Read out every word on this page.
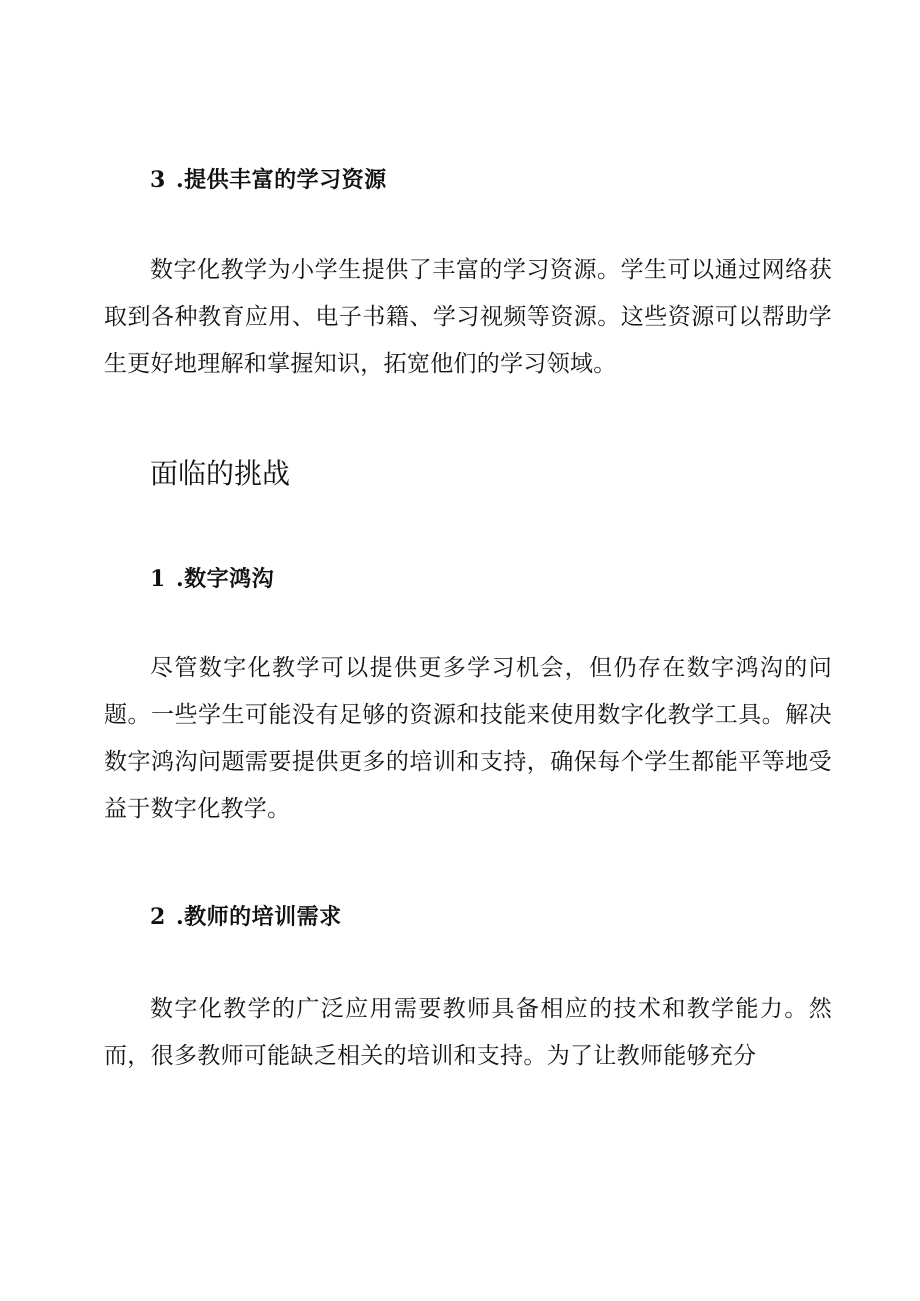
3 .提供丰富的学习资源
数字化教学为小学生提供了丰富的学习资源。学生可以通过网络获取到各种教育应用、电子书籍、学习视频等资源。这些资源可以帮助学生更好地理解和掌握知识，拓宽他们的学习领域。
面临的挑战
1 .数字鸿沟
尽管数字化教学可以提供更多学习机会，但仍存在数字鸿沟的问题。一些学生可能没有足够的资源和技能来使用数字化教学工具。解决数字鸿沟问题需要提供更多的培训和支持，确保每个学生都能平等地受益于数字化教学。
2 .教师的培训需求
数字化教学的广泛应用需要教师具备相应的技术和教学能力。然而，很多教师可能缺乏相关的培训和支持。为了让教师能够充分
